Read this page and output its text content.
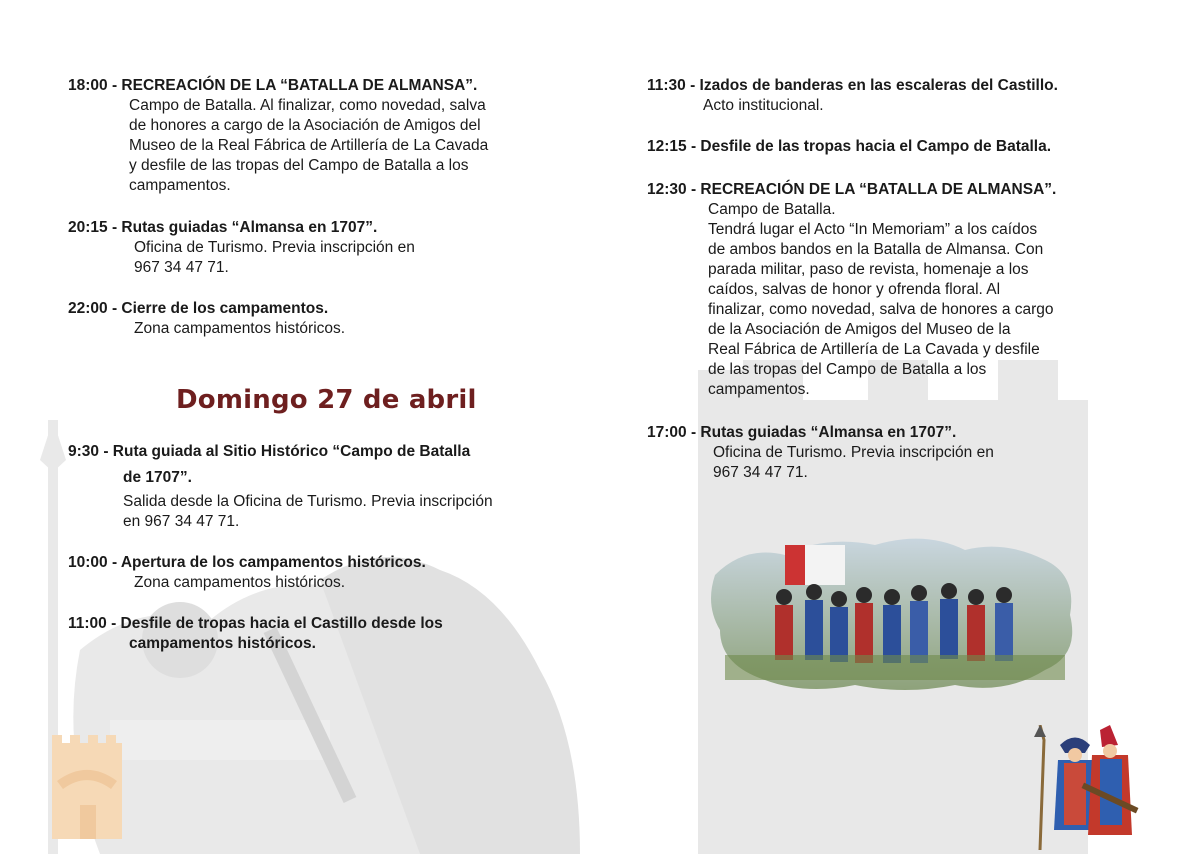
18:00 - RECREACIÓN DE LA “BATALLA DE ALMANSA”.
Campo de Batalla. Al finalizar, como novedad, salva
de honores a cargo de la Asociación de Amigos del
Museo de la Real Fábrica de Artillería de La Cavada
y desfile de las tropas del Campo de Batalla a los
campamentos.
20:15 - Rutas guiadas “Almansa en 1707”.
Oficina de Turismo. Previa inscripción en
967 34 47 71.
22:00 - Cierre de los campamentos.
Zona campamentos históricos.
Domingo 27 de abril
9:30 - Ruta guiada al Sitio Histórico “Campo de Batalla
de 1707”.
Salida desde la Oficina de Turismo. Previa inscripción
en 967 34 47 71.
10:00 - Apertura de los campamentos históricos.
Zona campamentos históricos.
11:00 - Desfile de tropas hacia el Castillo desde los
campamentos históricos.
11:30 - Izados de banderas en las escaleras del Castillo.
Acto institucional.
12:15 - Desfile de las tropas hacia el Campo de Batalla.
12:30 - RECREACIÓN DE LA “BATALLA DE ALMANSA”.
Campo de Batalla.
Tendrá lugar el Acto “In Memoriam” a los caídos
de ambos bandos en la Batalla de Almansa. Con
parada militar, paso de revista, homenaje a los
caídos, salvas de honor y ofrenda floral. Al
finalizar, como novedad, salva de honores a cargo
de la Asociación de Amigos del Museo de la
Real Fábrica de Artillería de La Cavada y desfile
de las tropas del Campo de Batalla a los
campamentos.
17:00 - Rutas guiadas “Almansa en 1707”.
Oficina de Turismo. Previa inscripción en
967 34 47 71.
